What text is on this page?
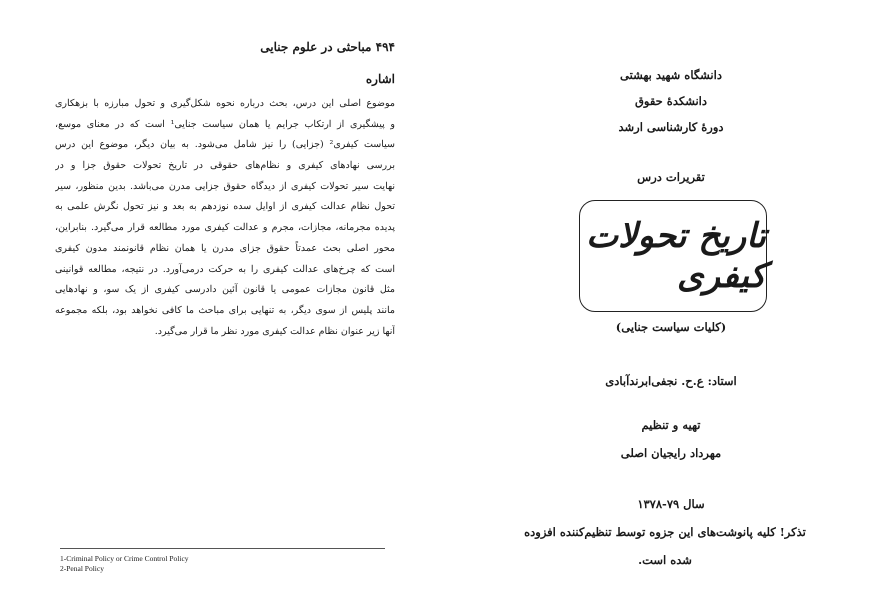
۴۹۴ مباحثی در علوم جنایی
اشاره
موضوع اصلی این درس، بحث درباره نحوه شکل‌گیری و تحول مبارزه با بزهکاری
و پیشگیری از ارتکاب جرایم یا همان سیاست جنایی¹ است که در معنای موسع،
سیاست کیفری² (جزایی) را نیز شامل می‌شود. به بیان دیگر، موضوع این درس
بررسی نهادهای کیفری و نظام‌های حقوقی در تاریخ تحولات حقوق جزا و در
نهایت سیر تحولات کیفری از دیدگاه حقوق جزایی مدرن می‌باشد. بدین منظور، سیر
تحول نظام عدالت کیفری از اوایل سده نوزدهم به بعد و نیز تحول نگرش علمی به
پدیده مجرمانه، مجازات، مجرم و عدالت کیفری مورد مطالعه قرار می‌گیرد. بنابراین،
محور اصلی بحث عمدتاً حقوق جزای مدرن یا همان نظام قانونمند مدون کیفری
است که چرخ‌های عدالت کیفری را به حرکت درمی‌آورد. در نتیجه، مطالعه قوانینی
مثل قانون مجازات عمومی یا قانون آئین دادرسی کیفری از یک سو، و نهادهایی
مانند پلیس از سوی دیگر، به تنهایی برای مباحث ما کافی نخواهد بود، بلکه مجموعه
آنها زیر عنوان نظام عدالت کیفری مورد نظر ما قرار می‌گیرد.
1-Criminal Policy or Crime Control Policy
2-Penal Policy
دانشگاه شهید بهشتی
دانشکدهٔ حقوق
دورهٔ کارشناسی ارشد
تقریرات درس
تاریخ تحولات کیفری
(کلیات سیاست جنایی)
استاد: ع.ح. نجفی‌ابرندآبادی
تهیه و تنظیم
مهرداد رایجیان اصلی
سال ۷۹-۱۳۷۸
تذکر! کلیه پانوشت‌های این جزوه توسط تنظیم‌کننده افزوده شده است.
